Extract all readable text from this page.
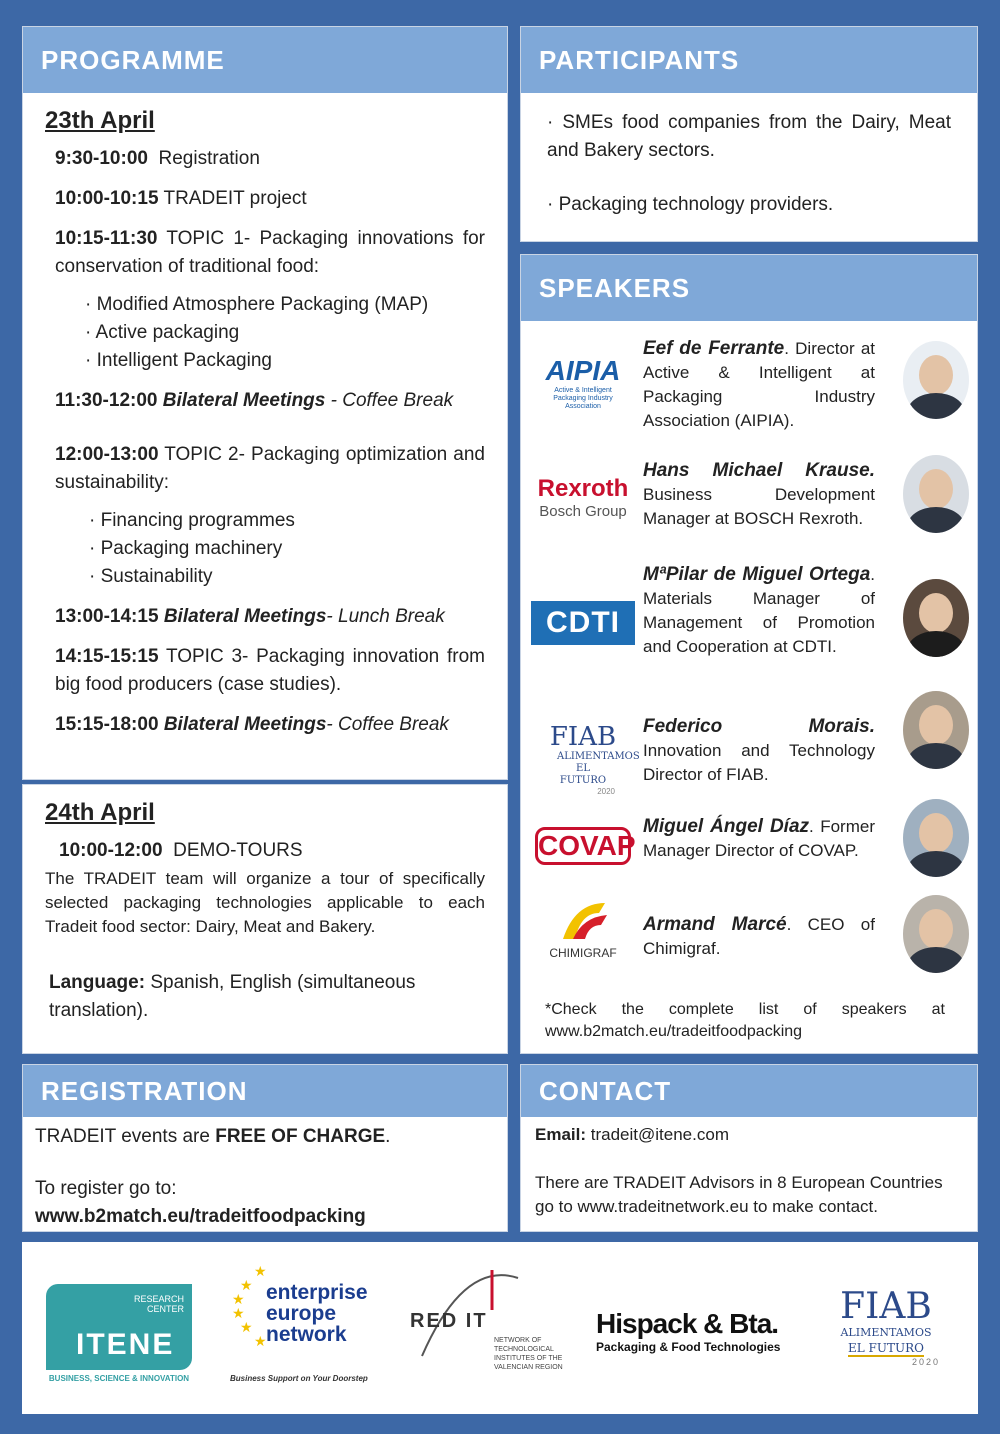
PROGRAMME
23th April
9:30-10:00 Registration
10:00-10:15 TRADEIT project
10:15-11:30 TOPIC 1- Packaging innovations for conservation of traditional food:
· Modified Atmosphere Packaging (MAP)
· Active packaging
· Intelligent Packaging
11:30-12:00 Bilateral Meetings - Coffee Break
12:00-13:00 TOPIC 2- Packaging optimization and sustainability:
· Financing programmes
· Packaging machinery
· Sustainability
13:00-14:15 Bilateral Meetings- Lunch Break
14:15-15:15 TOPIC 3- Packaging innovation from big food producers (case studies).
15:15-18:00 Bilateral Meetings- Coffee Break
24th April
10:00-12:00 DEMO-TOURS
The TRADEIT team will organize a tour of specifically selected packaging technologies applicable to each Tradeit food sector: Dairy, Meat and Bakery.
Language: Spanish, English (simultaneous translation).
PARTICIPANTS
· SMEs food companies from the Dairy, Meat and Bakery sectors.
· Packaging technology providers.
SPEAKERS
AIPIA
Active & Intelligent Packaging Industry Association
Eef de Ferrante. Director at Active & Intelligent at Packaging Industry Association (AIPIA).
Rexroth
Bosch Group
Hans Michael Krause. Business Development Manager at BOSCH Rexroth.
CDTI
MªPilar de Miguel Ortega. Materials Manager of Management of Promotion and Cooperation at CDTI.
FIAB
ALIMENTAMOS EL FUTURO
2020
Federico Morais. Innovation and Technology Director of FIAB.
COVAP
Miguel Ángel Díaz. Former Manager Director of COVAP.
CHIMIGRAF
Armand Marcé. CEO of Chimigraf.
*Check the complete list of speakers at www.b2match.eu/tradeitfoodpacking
REGISTRATION
TRADEIT events are FREE OF CHARGE.
To register go to:
www.b2match.eu/tradeitfoodpacking
CONTACT
Email: tradeit@itene.com
There are TRADEIT Advisors in 8 European Countries go to www.tradeitnetwork.eu to make contact.
RESEARCH CENTER
ITENE
BUSINESS, SCIENCE & INNOVATION
★
★
★
★
★
★
enterprise
europe
network
Business Support on Your Doorstep
RED IT
NETWORK OF TECHNOLOGICAL INSTITUTES OF THE VALENCIAN REGION
Hispack & Bta.
Packaging & Food Technologies
FIAB
ALIMENTAMOS
EL FUTURO
2020
